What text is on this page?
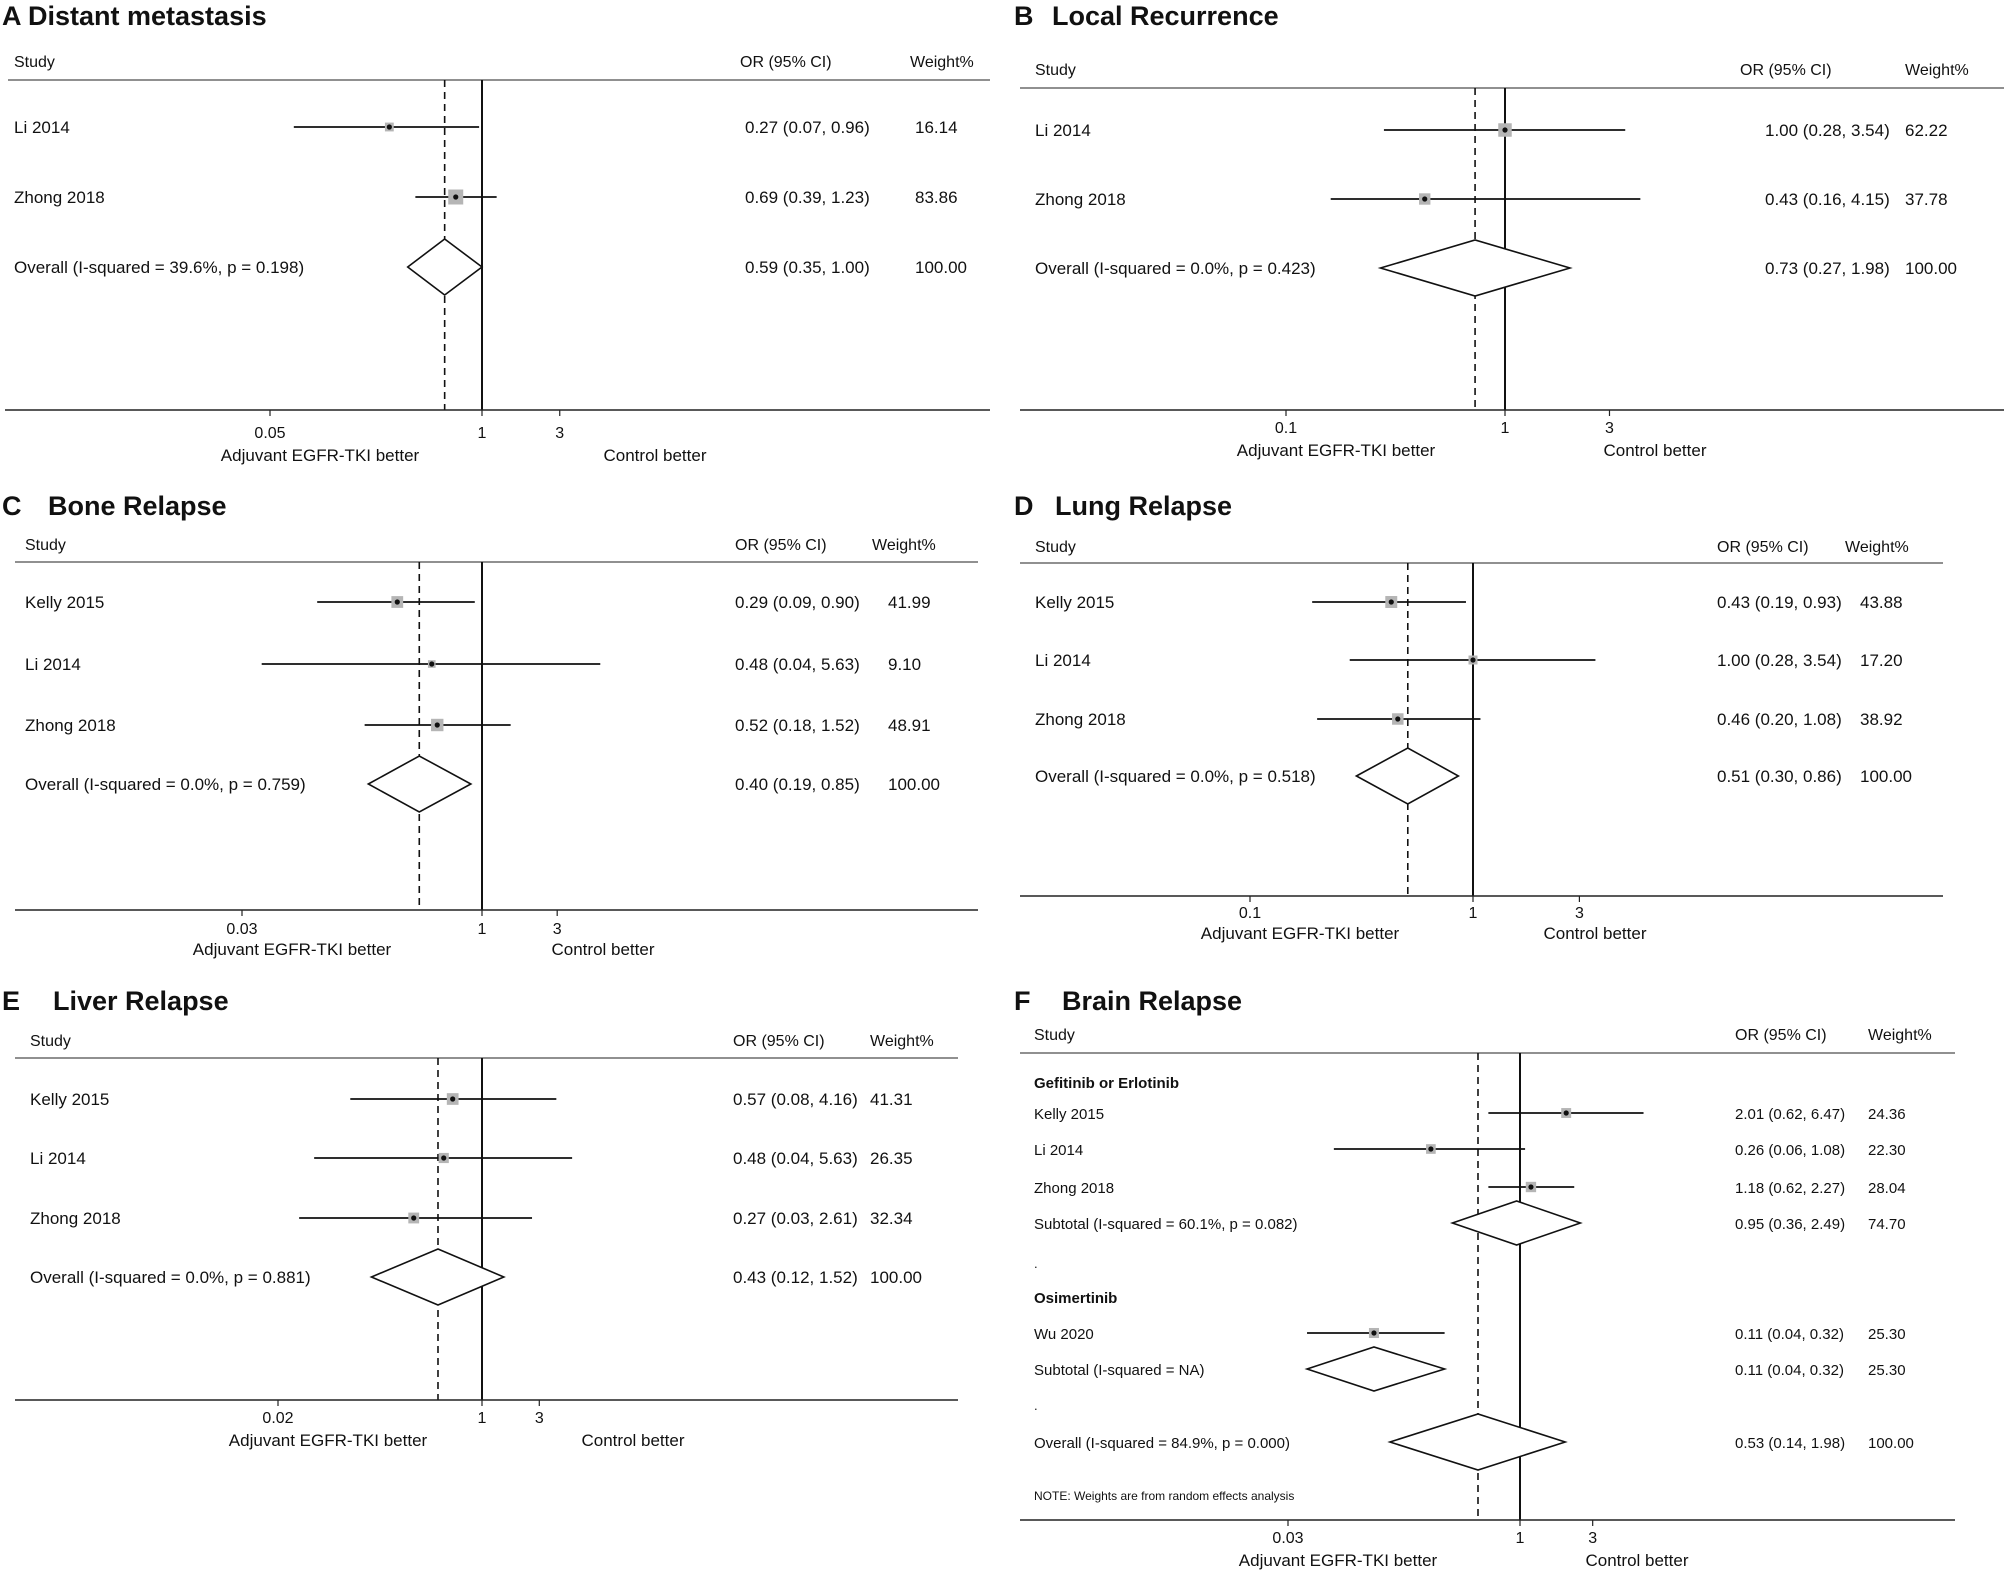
A Distant metastasis
Study	OR (95% CI)	Weight%
0.05	1	3
Adjuvant EGFR-TKI better	Control better
Li 2014	0.27 (0.07, 0.96)	16.14
Zhong 2018	0.69 (0.39, 1.23)	83.86
Overall (I-squared = 39.6%, p = 0.198)	0.59 (0.35, 1.00)	100.00
B Local Recurrence
Study	OR (95% CI)	Weight%
0.1	1	3
Adjuvant EGFR-TKI better	Control better
Li 2014	1.00 (0.28, 3.54) 62.22
Zhong 2018	0.43 (0.16, 4.15) 37.78
Overall (I-squared = 0.0%, p = 0.423)	0.73 (0.27, 1.98) 100.00
C Bone Relapse
Study	OR (95% CI)	Weight%
0.03	1	3
Adjuvant EGFR-TKI better	Control better
Kelly 2015	0.29 (0.09, 0.90) 41.99
Li 2014	0.48 (0.04, 5.63) 9.10
Zhong 2018	0.52 (0.18, 1.52) 48.91
Overall (I-squared = 0.0%, p = 0.759)	0.40 (0.19, 0.85) 100.00
D Lung Relapse
Study	OR (95% CI) Weight%
0.1	1	3
Adjuvant EGFR-TKI better	Control better
Kelly 2015	0.43 (0.19, 0.93) 43.88
Li 2014	1.00 (0.28, 3.54) 17.20
Zhong 2018	0.46 (0.20, 1.08) 38.92
Overall (I-squared = 0.0%, p = 0.518)	0.51 (0.30, 0.86) 100.00
E Liver Relapse
Study	OR (95% CI)	Weight%
0.02	1	3
Adjuvant EGFR-TKI better	Control better
Kelly 2015	0.57 (0.08, 4.16) 41.31
Li 2014	0.48 (0.04, 5.63) 26.35
Zhong 2018	0.27 (0.03, 2.61) 32.34
Overall (I-squared = 0.0%, p = 0.881)	0.43 (0.12, 1.52) 100.00
F Brain Relapse
Study	OR (95% CI)	Weight%
0.03	1	3
Adjuvant EGFR-TKI better	Control better
Gefitinib or Erlotinib
Kelly 2015	2.01 (0.62, 6.47) 24.36
Li 2014	0.26 (0.06, 1.08) 22.30
Zhong 2018	1.18 (0.62, 2.27) 28.04
Subtotal (I-squared = 60.1%, p = 0.082)	0.95 (0.36, 2.49) 74.70
.
Osimertinib
Wu 2020	0.11 (0.04, 0.32) 25.30
Subtotal (I-squared = NA)	0.11 (0.04, 0.32) 25.30
.
Overall (I-squared = 84.9%, p = 0.000)	0.53 (0.14, 1.98) 100.00
NOTE: Weights are from random effects analysis
